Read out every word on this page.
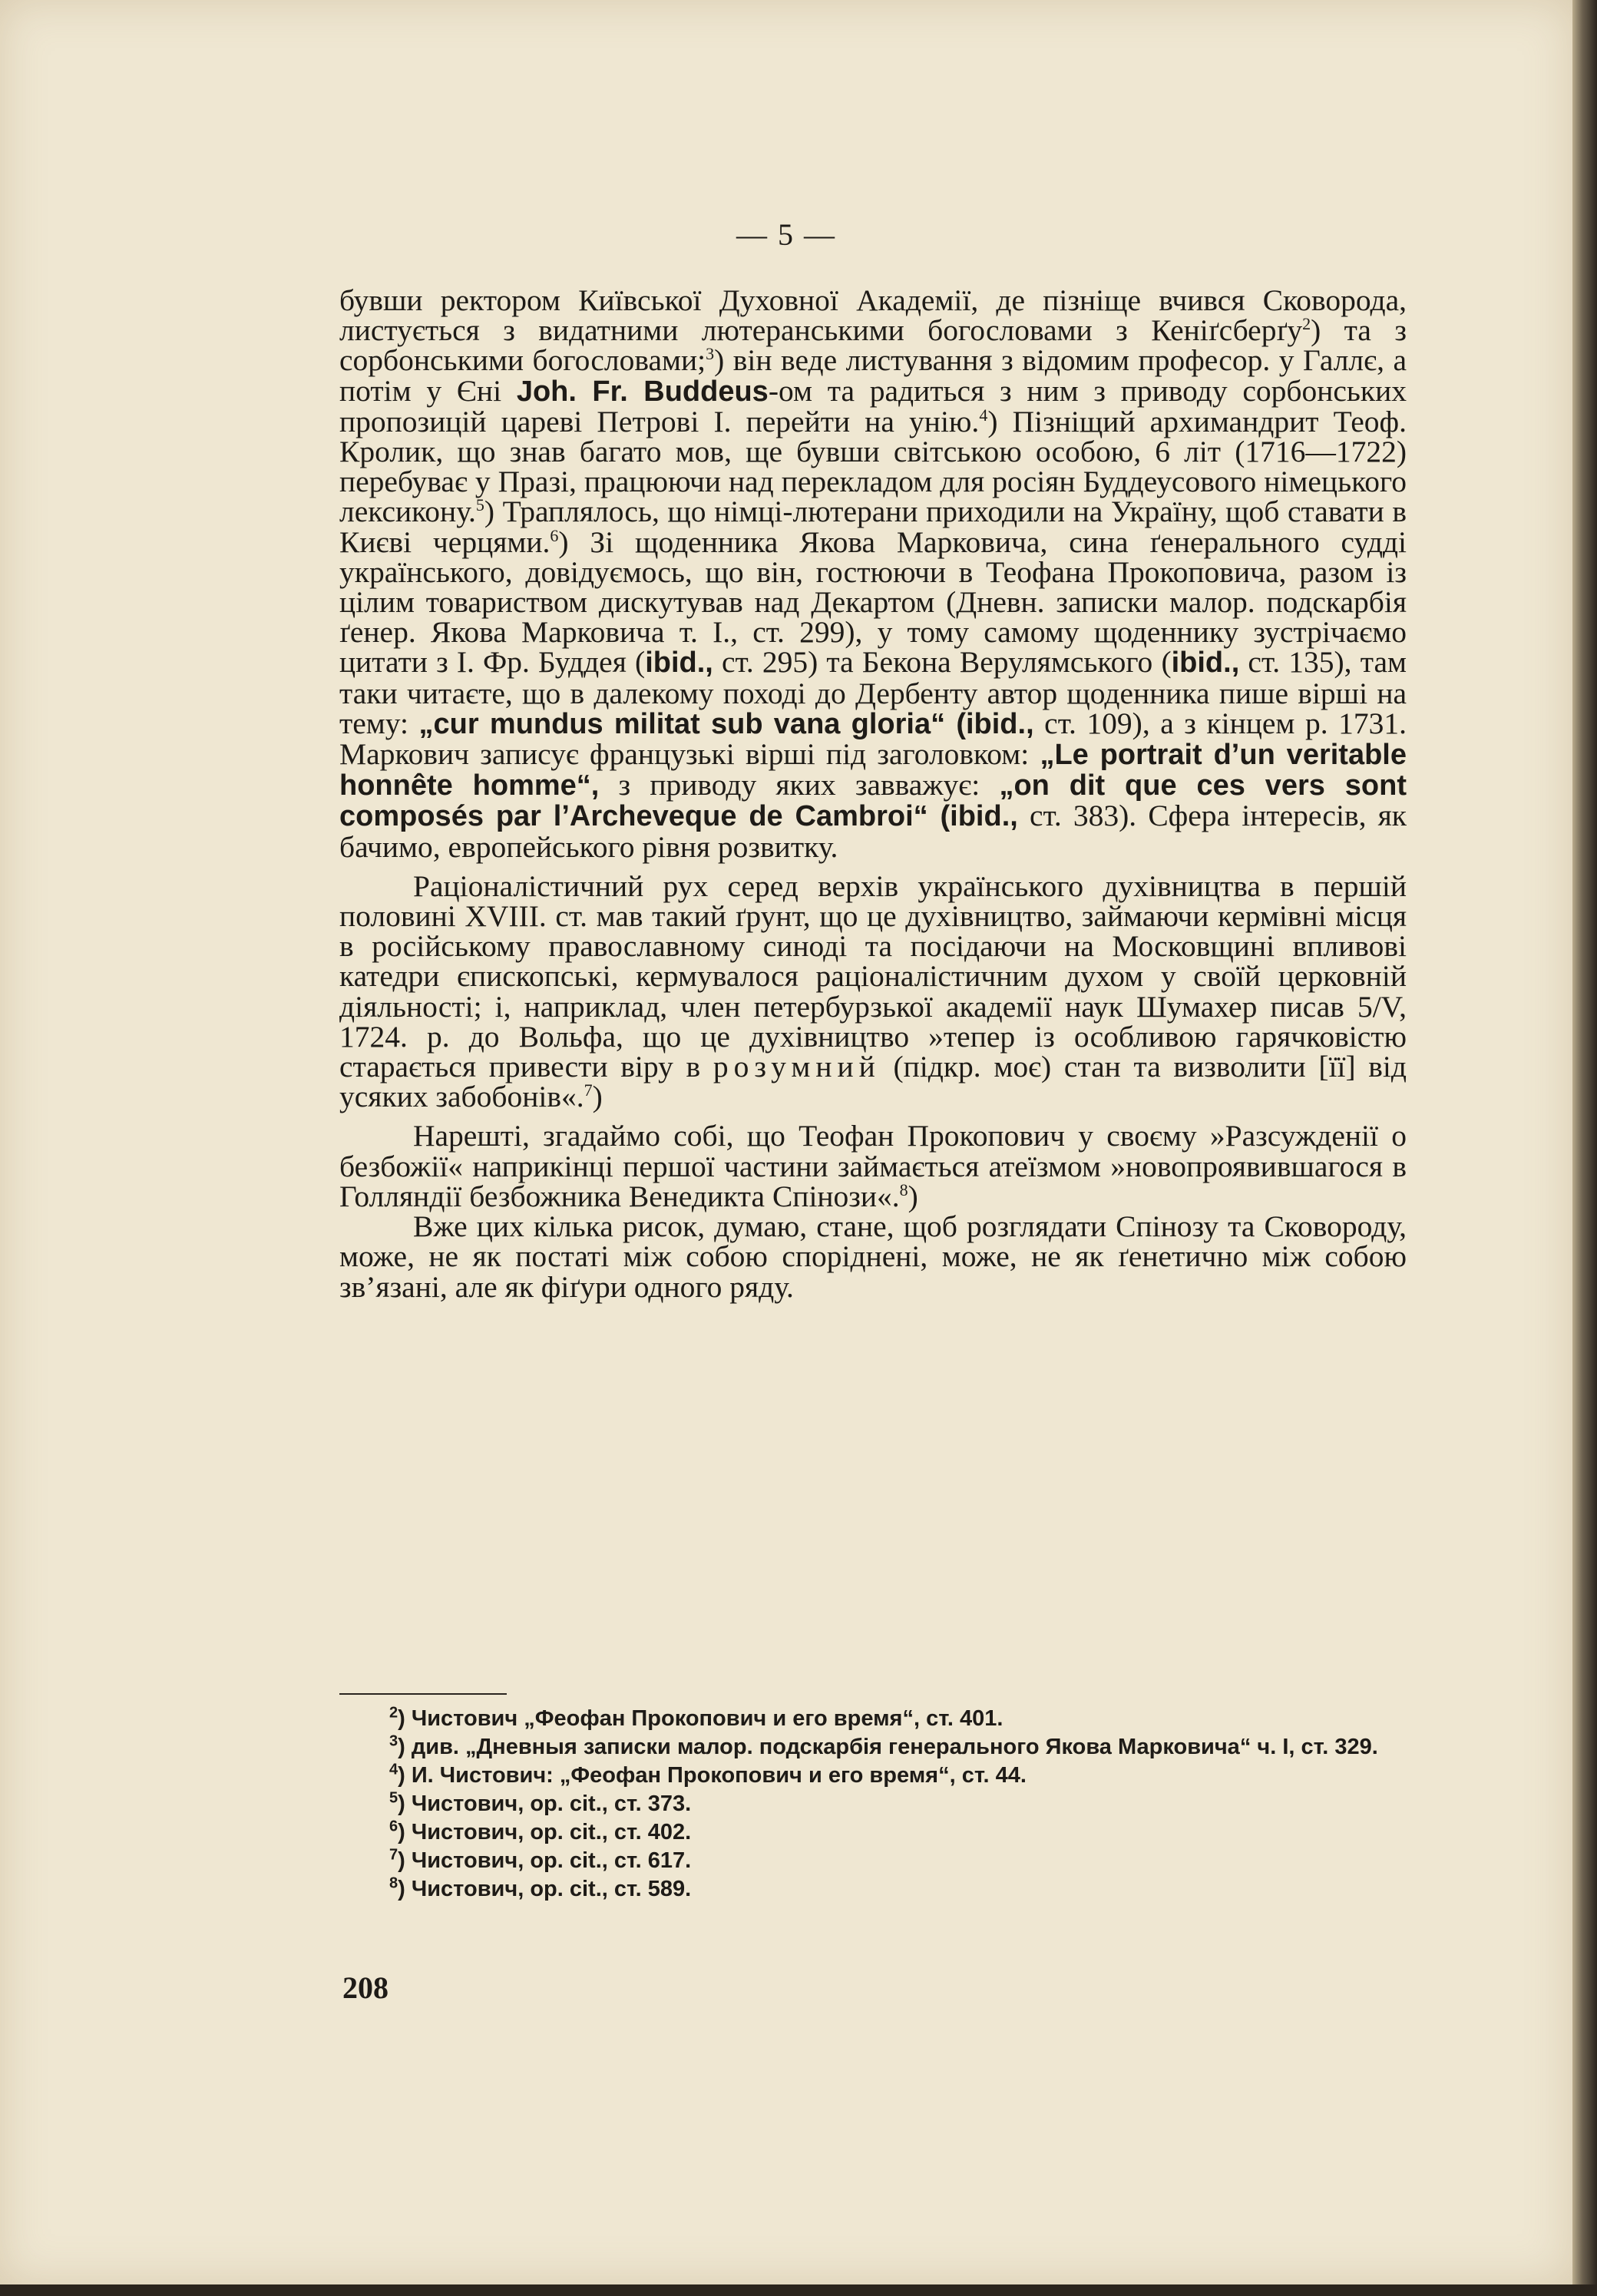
— 5 —

бувши ректором Київської Духовної Академії, де пізніще вчився Сковорода, листується з видатними лютеранськими богословами з Кеніґсберґу$^2$) та з сорбонськими богословами;$^3$) він веде листування з відомим професор. у Галлє, а потім у Єні Joh. Fr. Buddeus-ом та радиться з ним з приводу сорбонських пропозицій цареві Петрові І. перейти на унію.$^4$) Пізніщий архимандрит Теоф. Кролик, що знав багато мов, ще бувши світською особою, 6 літ (1716—1722) перебуває у Празі, працюючи над перекладом для росіян Буддеусового німецького лексикону.$^5$) Траплялось, що німці-лютерани приходили на Україну, щоб ставати в Києві черцями.$^6$) Зі щоденника Якова Марковича, сина ґенерального судді українського, довідуємось, що він, гостюючи в Теофана Прокоповича, разом із цілим товариством дискутував над Декартом (Дневн. записки малор. подскарбія ґенер. Якова Марковича т. І., ст. 299), у тому самому щоденнику зустрічаємо цитати з І. Фр. Буддея (ibid., ст. 295) та Бекона Верулямського (ibid., ст. 135), там таки читаєте, що в далекому поході до Дербенту автор щоденника пише вірші на тему: „cur mundus militat sub vana gloria“ (ibid., ст. 109), а з кінцем р. 1731. Маркович записує французькі вірші під заголовком: „Le portrait d’un veritable honnête homme“, з приводу яких завважує: „on dit que ces vers sont composés par l’Archeveque de Cambroi“ (ibid., ст. 383). Сфера інтересів, як бачимо, европейського рівня розвитку.

Раціоналістичний рух серед верхів українського духівництва в першій половині XVIII. ст. мав такий ґрунт, що це духівництво, займаючи кермівні місця в російському православному синоді та посідаючи на Московщині впливові катедри єпископські, кермувалося раціоналістичним духом у своїй церковній діяльності; і, наприклад, член петербурзької академії наук Шумахер писав 5/V, 1724. р. до Вольфа, що це духівництво »тепер із особливою гарячковістю старається привести віру в розумний (підкр. моє) стан та визволити [її] від усяких забобонів«.$^7$)

Нарешті, згадаймо собі, що Теофан Прокопович у своєму »Разсужденії о безбожії« наприкінці першої частини займається атеїзмом »новопроявившагося в Голляндії безбожника Венедикта Спінози«.$^8$)

Вже цих кілька рисок, думаю, стане, щоб розглядати Спінозу та Сковороду, може, не як постаті між собою споріднені, може, не як ґенетично між собою зв’язані, але як фіґури одного ряду.

$^2$) Чистович „Феофан Прокопович и его время“, ст. 401.
$^3$) див. „Дневныя записки малор. подскарбія генерального Якова Марковича“ ч. І, ст. 329.
$^4$) И. Чистович: „Феофан Прокопович и его время“, ст. 44.
$^5$) Чистович, op. cit., ст. 373.
$^6$) Чистович, op. cit., ст. 402.
$^7$) Чистович, op. cit., ст. 617.
$^8$) Чистович, op. cit., ст. 589.
208
